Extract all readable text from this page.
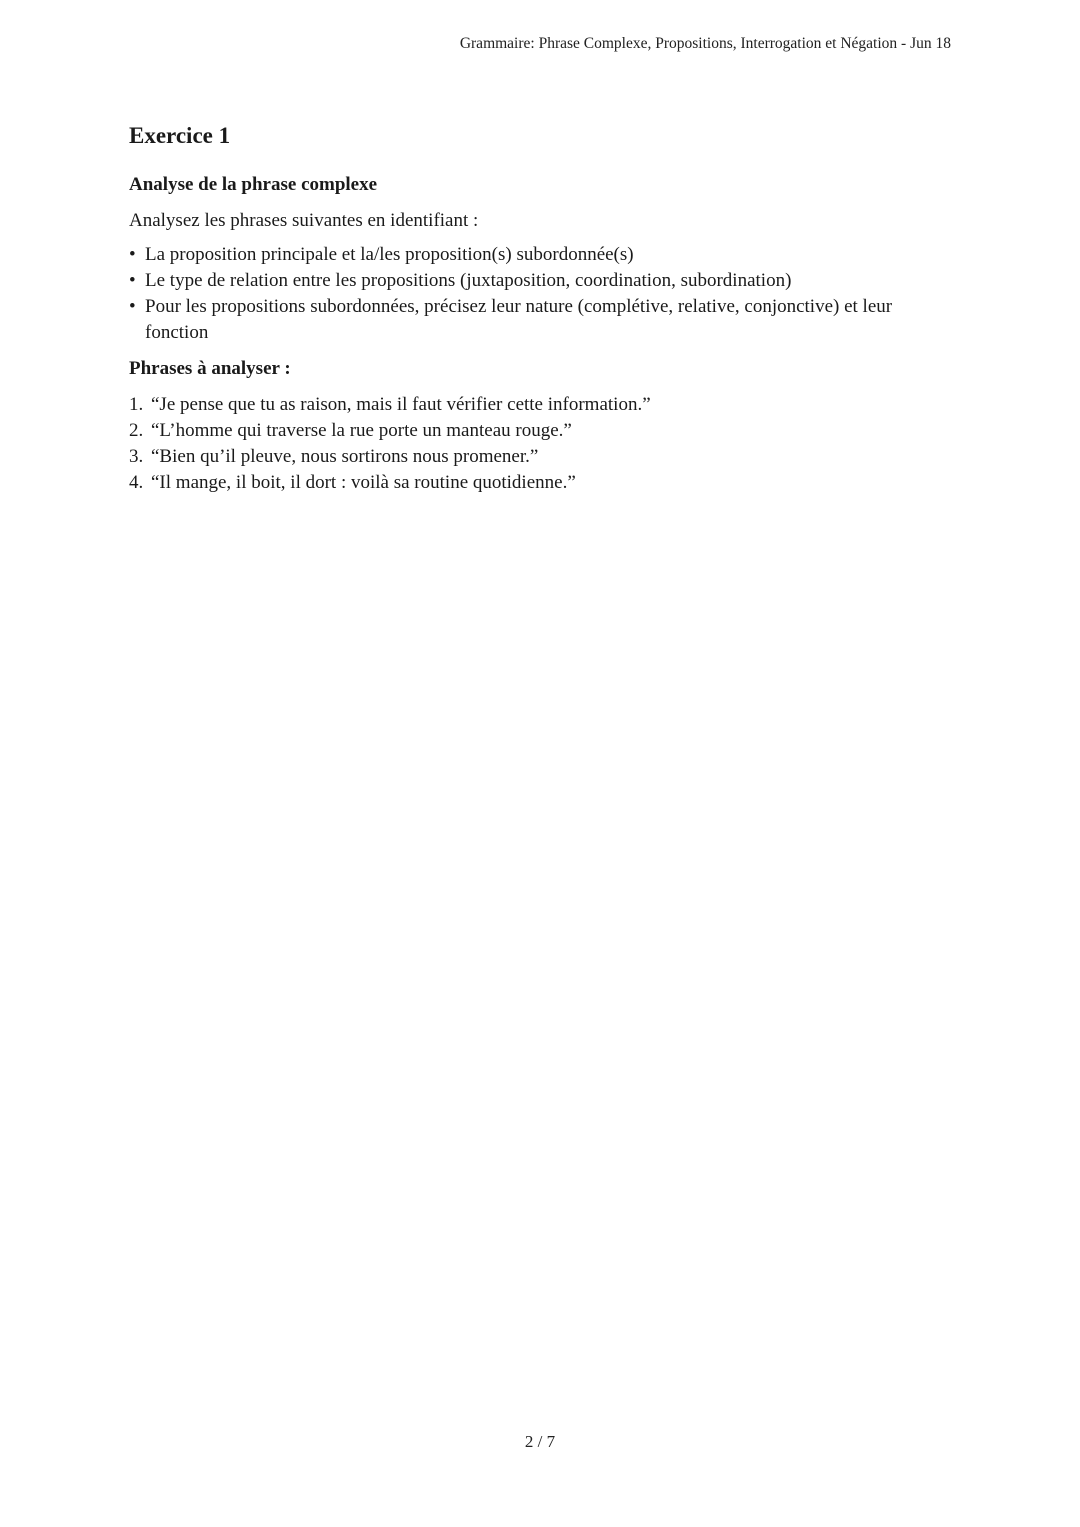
Grammaire: Phrase Complexe, Propositions, Interrogation et Négation - Jun 18
Exercice 1
Analyse de la phrase complexe

Analysez les phrases suivantes en identifiant :

• La proposition principale et la/les proposition(s) subordonnée(s)
• Le type de relation entre les propositions (juxtaposition, coordination, subordination)
• Pour les propositions subordonnées, précisez leur nature (complétive, relative, conjonctive) et leur fonction
Phrases à analyser :
1. “Je pense que tu as raison, mais il faut vérifier cette information.”
2. “L’homme qui traverse la rue porte un manteau rouge.”
3. “Bien qu’il pleuve, nous sortirons nous promener.”
4. “Il mange, il boit, il dort : voilà sa routine quotidienne.”
2 / 7
